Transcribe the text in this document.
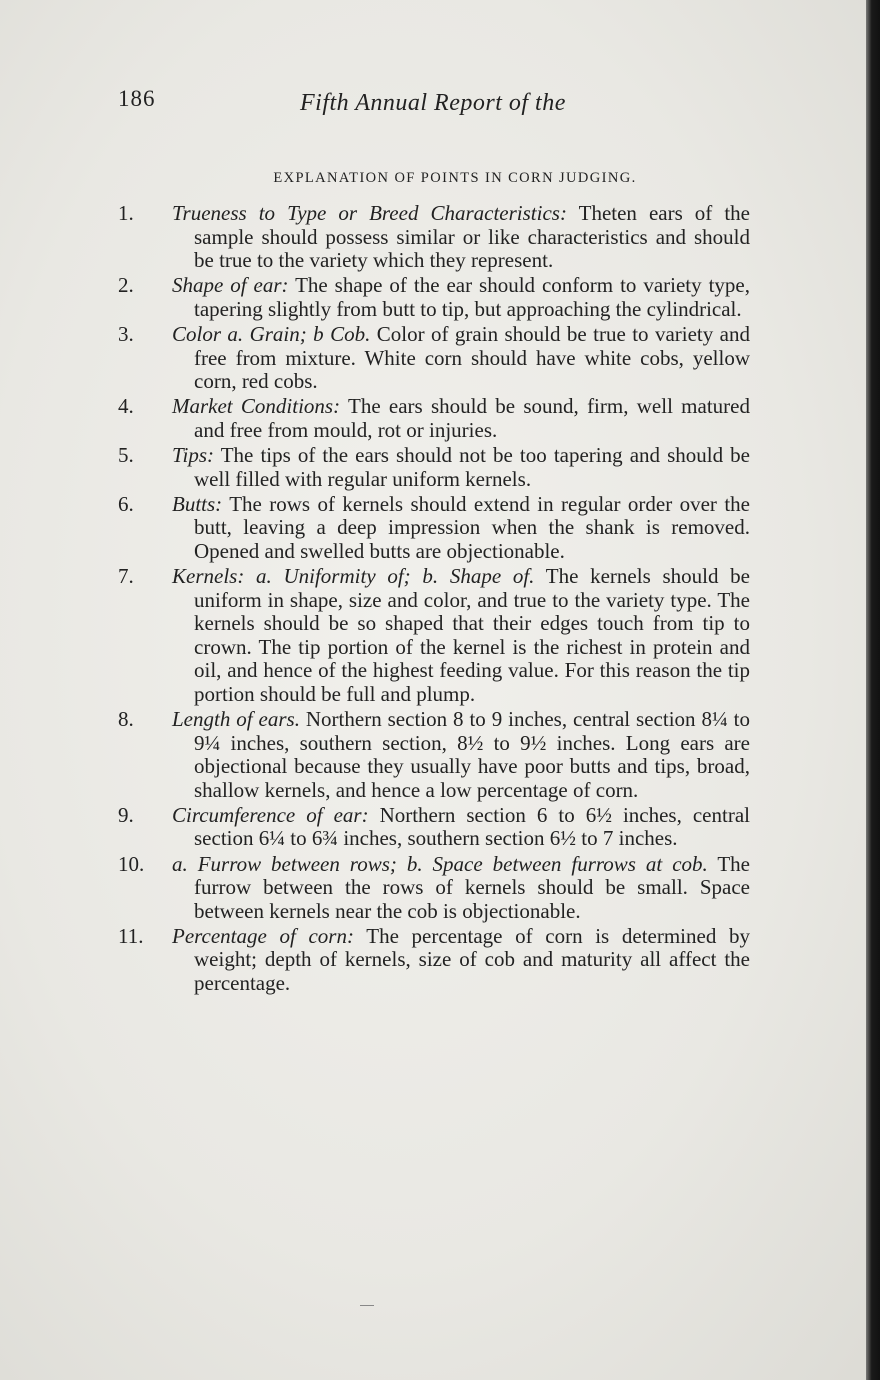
186	Fifth Annual Report of the
EXPLANATION OF POINTS IN CORN JUDGING.
1.	Trueness to Type or Breed Characteristics: Theten ears of the sample should possess similar or like characteristics and should be true to the variety which they represent.
2.	Shape of ear: The shape of the ear should conform to variety type, tapering slightly from butt to tip, but approaching the cylindrical.
3.	Color a. Grain; b Cob. Color of grain should be true to variety and free from mixture. White corn should have white cobs, yellow corn, red cobs.
4.	Market Conditions: The ears should be sound, firm, well matured and free from mould, rot or injuries.
5.	Tips: The tips of the ears should not be too tapering and should be well filled with regular uniform kernels.
6.	Butts: The rows of kernels should extend in regular order over the butt, leaving a deep impression when the shank is removed. Opened and swelled butts are objectionable.
7.	Kernels: a. Uniformity of; b. Shape of. The kernels should be uniform in shape, size and color, and true to the variety type. The kernels should be so shaped that their edges touch from tip to crown. The tip portion of the kernel is the richest in protein and oil, and hence of the highest feeding value. For this reason the tip portion should be full and plump.
8.	Length of ears. Northern section 8 to 9 inches, central section 8¼ to 9¼ inches, southern section, 8½ to 9½ inches. Long ears are objectional because they usually have poor butts and tips, broad, shallow kernels, and hence a low percentage of corn.
9.	Circumference of ear: Northern section 6 to 6½ inches, central section 6¼ to 6¾ inches, southern section 6½ to 7 inches.
10.	a. Furrow between rows; b. Space between furrows at cob. The furrow between the rows of kernels should be small. Space between kernels near the cob is objectionable.
11.	Percentage of corn: The percentage of corn is determined by weight; depth of kernels, size of cob and maturity all affect the percentage.
